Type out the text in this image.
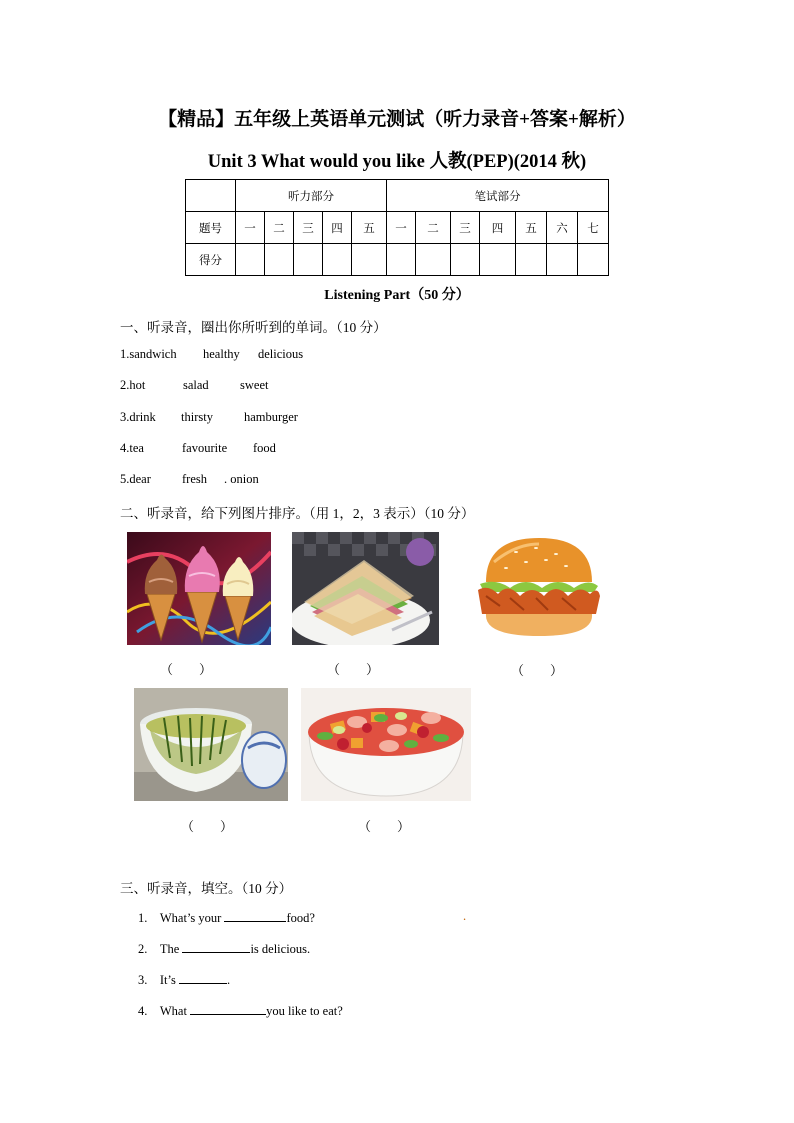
【精品】五年级上英语单元测试（听力录音+答案+解析）
Unit 3 What would you like 人教(PEP)(2014 秋)
	听力部分					笔试部分						
题号	一	二	三	四	五	一	二	三	四	五	六	七
得分												
Listening Part（50 分）
一、听录音，圈出你所听到的单词。（10 分）
1.sandwich healthy delicious
2.hot	salad	sweet
3.drink thirsty hamburger
4.tea	favourite food
5.dear fresh . onion
二、听录音，给下列图片排序。（用 1，2，3 表示）（10 分）
（　　）	（　　）	（　　）
（　　）	（　　）
三、听录音，填空。（10 分）
1. What’s your	food?	.
2. The	is delicious.
3. It’s	.
4. What	you like to eat?
